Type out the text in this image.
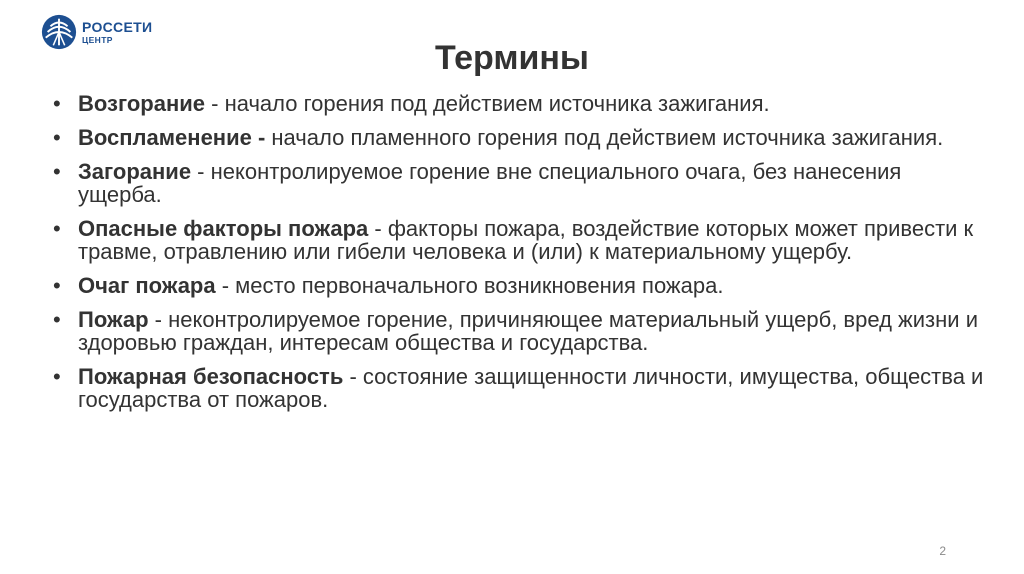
РОССЕТИ
ЦЕНТР	Термины
• Возгорание - начало горения под действием источника зажигания.
• Воспламенение - начало пламенного горения под действием источника зажигания.
• Загорание - неконтролируемое горение вне специального очага, без нанесения ущерба.
• Опасные факторы пожара - факторы пожара, воздействие которых может привести к травме, отравлению или гибели человека и (или) к материальному ущербу.
• Очаг пожара - место первоначального возникновения пожара.
• Пожар - неконтролируемое горение, причиняющее материальный ущерб, вред жизни и здоровью граждан, интересам общества и государства.
• Пожарная безопасность - состояние защищенности личности, имущества, общества и государства от пожаров.
2
